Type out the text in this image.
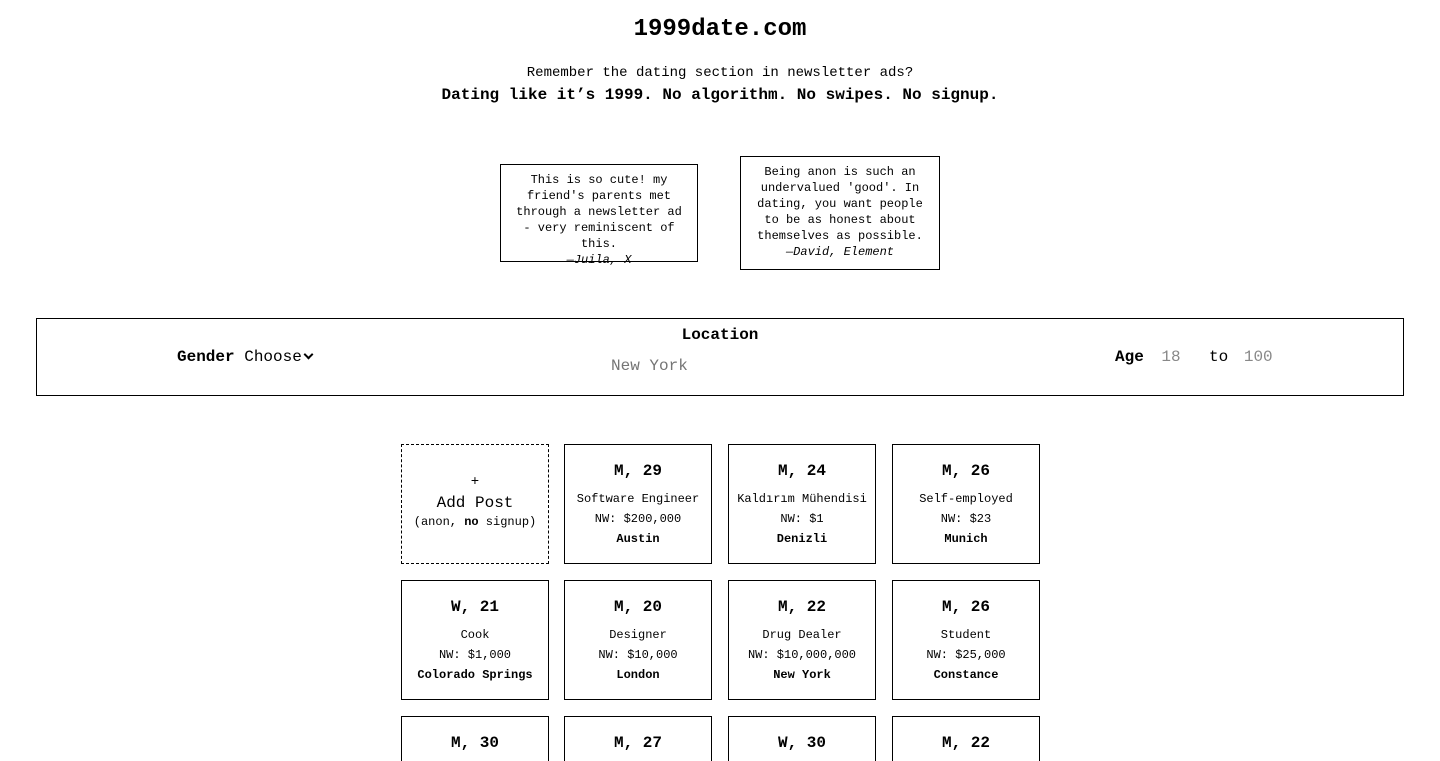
1999date.com
Remember the dating section in newsletter ads?
Dating like it’s 1999. No algorithm. No swipes. No signup.
This is so cute! my friend's parents met through a newsletter ad - very reminiscent of this.
—Juila, X
Being anon is such an undervalued 'good'. In dating, you want people to be as honest about themselves as possible.
—David, Element
Gender Choose
Location
New York
Age 18	to 100
+
Add Post
(anon, no signup)
M, 29
Software Engineer
NW: $200,000
Austin
M, 24
Kaldırım Mühendisi
NW: $1
Denizli
M, 26
Self-employed
NW: $23
Munich
W, 21
Cook
NW: $1,000
Colorado Springs
M, 20
Designer
NW: $10,000
London
M, 22
Drug Dealer
NW: $10,000,000
New York
M, 26
Student
NW: $25,000
Constance
M, 30	M, 27	W, 30	M, 22
